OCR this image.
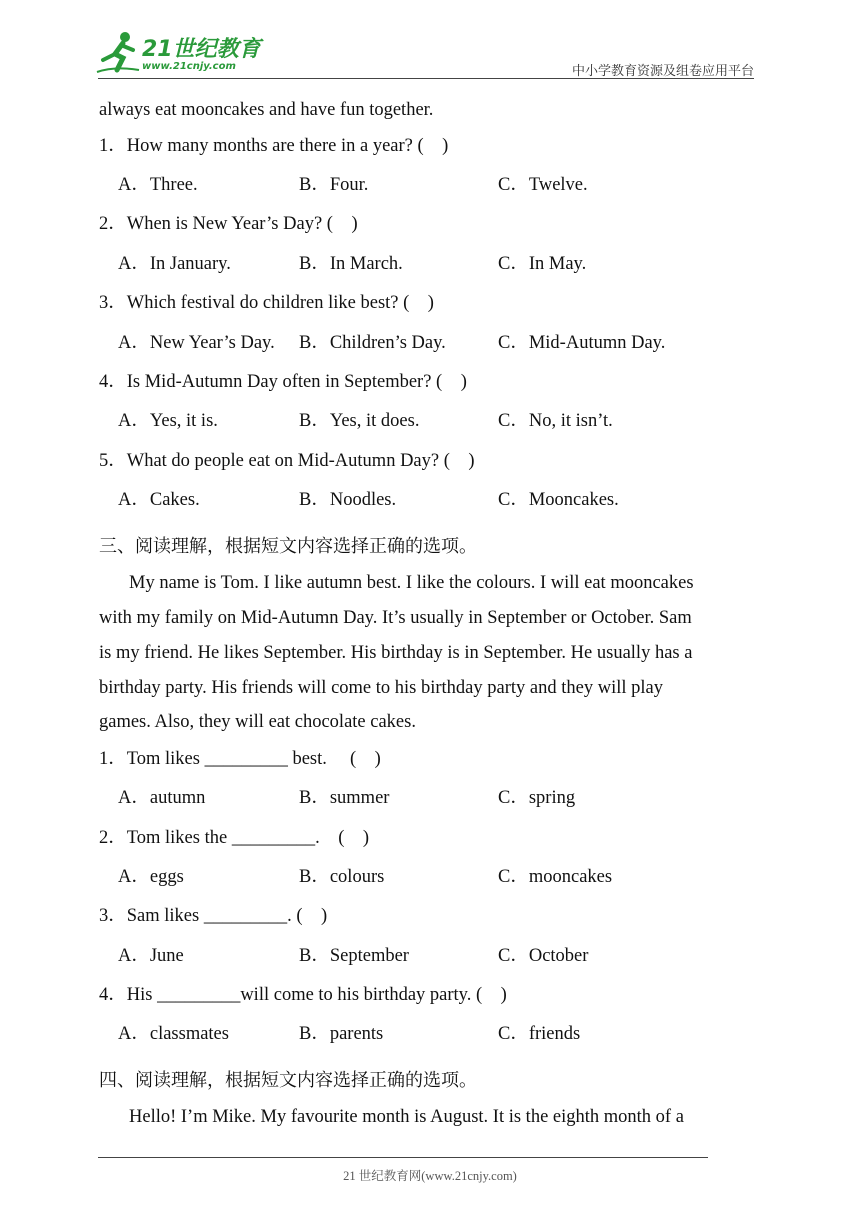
21世纪教育
www.21cnjy.com	中小学教育资源及组卷应用平台
always eat mooncakes and have fun together.
1．How many months are there in a year? (    )
A．Three.	B．Four.	C．Twelve.
2．When is New Year’s Day? (    )
A．In January.	B．In March.	C．In May.
3．Which festival do children like best? (    )
A．New Year’s Day. B．Children’s Day.	C．Mid-Autumn Day.
4．Is Mid-Autumn Day often in September? (    )
A．Yes, it is.	B．Yes, it does.	C．No, it isn’t.
5．What do people eat on Mid-Autumn Day? (    )
A．Cakes.	B．Noodles.	C．Mooncakes.
三、阅读理解，根据短文内容选择正确的选项。
My name is Tom. I like autumn best. I like the colours. I will eat mooncakes
with my family on Mid-Autumn Day. It’s usually in September or October. Sam
is my friend. He likes September. His birthday is in September. He usually has a
birthday party. His friends will come to his birthday party and they will play
games. Also, they will eat chocolate cakes.
1．Tom likes _________ best.     (    )
A．autumn	B．summer	C．spring
2．Tom likes the _________.    (    )
A．eggs	B．colours	C．mooncakes
3．Sam likes _________. (    )
A．June	B．September	C．October
4．His _________will come to his birthday party. (    )
A．classmates	B．parents	C．friends
四、阅读理解，根据短文内容选择正确的选项。
Hello! I’m Mike. My favourite month is August. It is the eighth month of a
21 世纪教育网(www.21cnjy.com)
